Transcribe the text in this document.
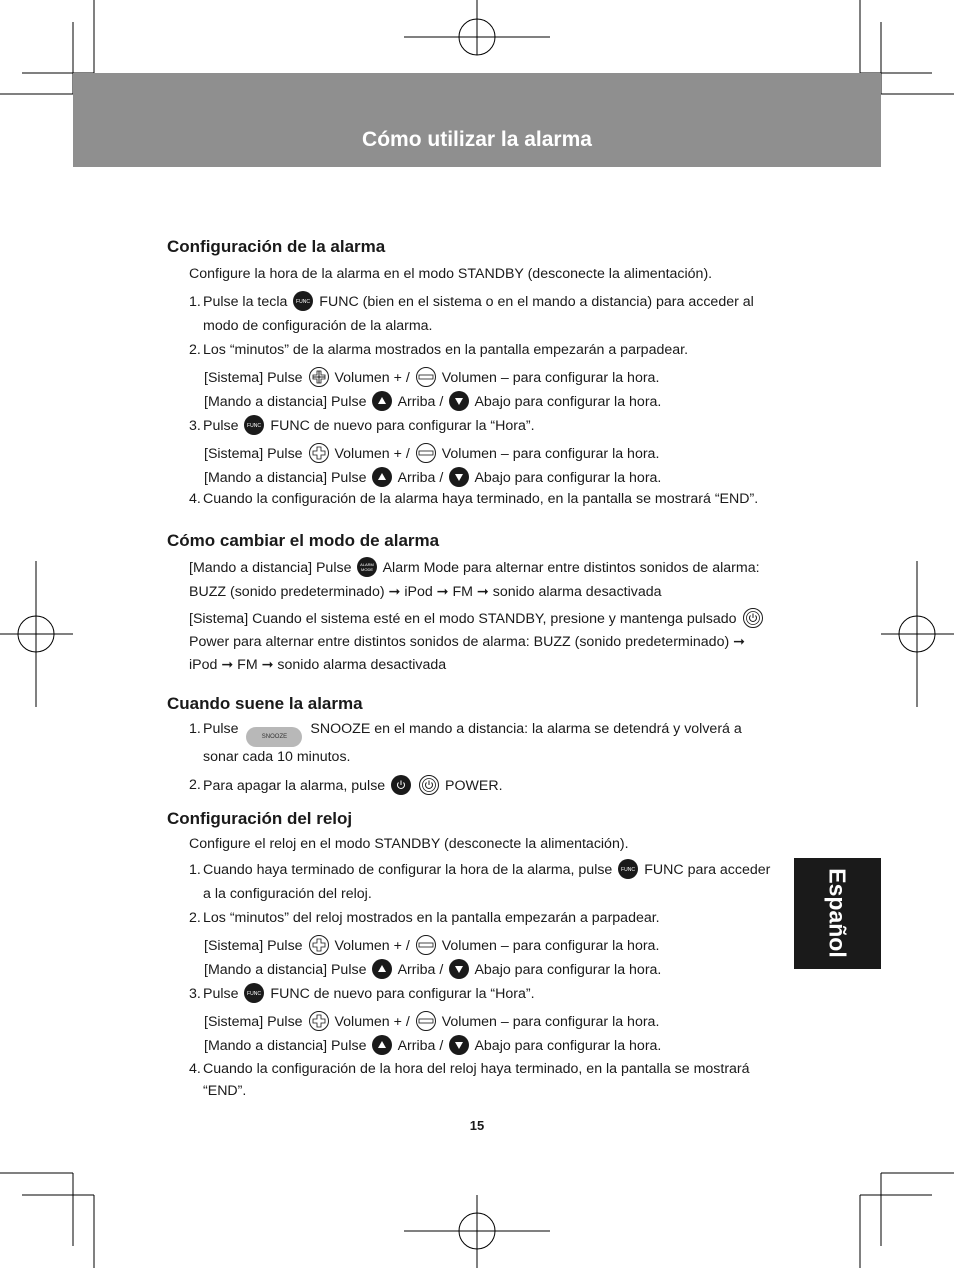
Cómo utilizar la alarma
Español
Configuración de la alarma

Configure la hora de la alarma en el modo STANDBY (desconecte la alimentación).

1. Pulse la tecla FUNC FUNC (bien en el sistema o en el mando a distancia) para acceder al
modo de configuración de la alarma.
2. Los “minutos” de la alarma mostrados en la pantalla empezarán a parpadear.
[Sistema] Pulse Volumen + / Volumen – para configurar la hora.
[Mando a distancia] Pulse Arriba / Abajo para configurar la hora.
3. Pulse FUNC FUNC de nuevo para configurar la “Hora”.
[Sistema] Pulse Volumen + / Volumen – para configurar la hora.
[Mando a distancia] Pulse Arriba / Abajo para configurar la hora.
4. Cuando la configuración de la alarma haya terminado, en la pantalla se mostrará “END”.
Cómo cambiar el modo de alarma

[Mando a distancia] Pulse ALARM
MODE Alarm Mode para alternar entre distintos sonidos de alarma:
BUZZ (sonido predeterminado) ➞ iPod ➞ FM ➞ sonido alarma desactivada

[Sistema] Cuando el sistema esté en el modo STANDBY, presione y mantenga pulsado

Power para alternar entre distintos sonidos de alarma: BUZZ (sonido predeterminado) ➞
iPod ➞ FM ➞ sonido alarma desactivada

Cuando suene la alarma
1. Pulse	SNOOZE SNOOZE en el mando a distancia: la alarma se detendrá y volverá a
sonar cada 10 minutos.
2. Para apagar la alarma, pulse
	POWER.
Configuración del reloj

Configure el reloj en el modo STANDBY (desconecte la alimentación).

1. Cuando haya terminado de configurar la hora de la alarma, pulse FUNC FUNC para acceder
a la configuración del reloj.
2. Los “minutos” del reloj mostrados en la pantalla empezarán a parpadear.
[Sistema] Pulse Volumen + / Volumen – para configurar la hora.
[Mando a distancia] Pulse Arriba / Abajo para configurar la hora.
3. Pulse FUNC FUNC de nuevo para configurar la “Hora”.
[Sistema] Pulse Volumen + / Volumen – para configurar la hora.
[Mando a distancia] Pulse Arriba / Abajo para configurar la hora.
4. Cuando la configuración de la hora del reloj haya terminado, en la pantalla se mostrará
“END”.
15
